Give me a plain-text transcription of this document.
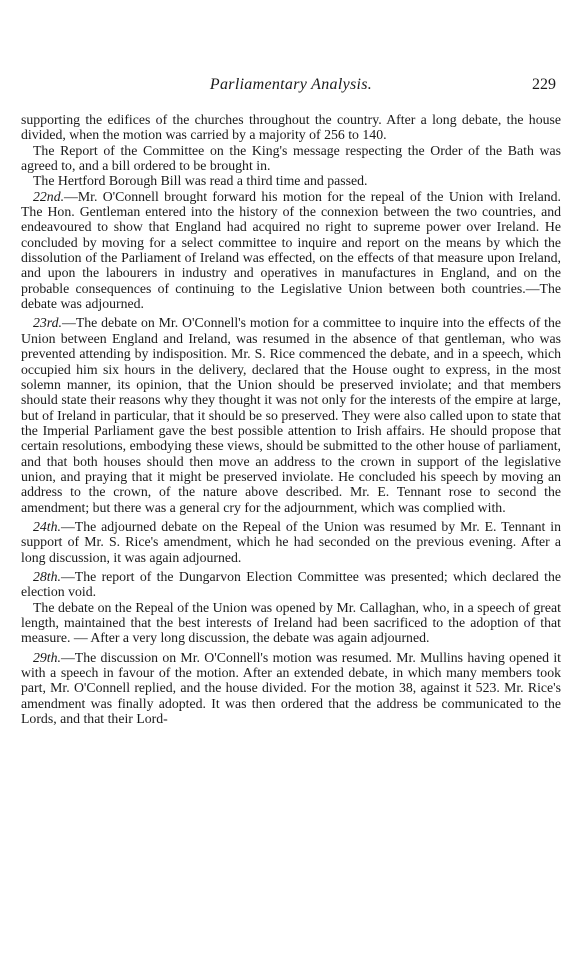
Parliamentary Analysis.	229

supporting the edifices of the churches throughout the country. After a long debate, the house divided, when the motion was carried by a majority of 256 to 140.

The Report of the Committee on the King's message respecting the Order of the Bath was agreed to, and a bill ordered to be brought in.

The Hertford Borough Bill was read a third time and passed.

22nd.—Mr. O'Connell brought forward his motion for the repeal of the Union with Ireland. The Hon. Gentleman entered into the history of the connexion between the two countries, and endeavoured to show that England had acquired no right to supreme power over Ireland. He concluded by moving for a select committee to inquire and report on the means by which the dissolution of the Parliament of Ireland was effected, on the effects of that measure upon Ireland, and upon the labourers in industry and operatives in manufactures in England, and on the probable consequences of continuing to the Legislative Union between both countries.—The debate was adjourned.

23rd.—The debate on Mr. O'Connell's motion for a committee to inquire into the effects of the Union between England and Ireland, was resumed in the absence of that gentleman, who was prevented attending by indisposition. Mr. S. Rice commenced the debate, and in a speech, which occupied him six hours in the delivery, declared that the House ought to express, in the most solemn manner, its opinion, that the Union should be preserved inviolate; and that members should state their reasons why they thought it was not only for the interests of the empire at large, but of Ireland in particular, that it should be so preserved. They were also called upon to state that the Imperial Parliament gave the best possible attention to Irish affairs. He should propose that certain resolutions, embodying these views, should be submitted to the other house of parliament, and that both houses should then move an address to the crown in support of the legislative union, and praying that it might be preserved inviolate. He concluded his speech by moving an address to the crown, of the nature above described. Mr. E. Tennant rose to second the amendment; but there was a general cry for the adjournment, which was complied with.

24th.—The adjourned debate on the Repeal of the Union was resumed by Mr. E. Tennant in support of Mr. S. Rice's amendment, which he had seconded on the previous evening. After a long discussion, it was again adjourned.

28th.—The report of the Dungarvon Election Committee was presented; which declared the election void.

The debate on the Repeal of the Union was opened by Mr. Callaghan, who, in a speech of great length, maintained that the best interests of Ireland had been sacrificed to the adoption of that measure. — After a very long discussion, the debate was again adjourned.

29th.—The discussion on Mr. O'Connell's motion was resumed. Mr. Mullins having opened it with a speech in favour of the motion. After an extended debate, in which many members took part, Mr. O'Connell replied, and the house divided. For the motion 38, against it 523. Mr. Rice's amendment was finally adopted. It was then ordered that the address be communicated to the Lords, and that their Lord-
